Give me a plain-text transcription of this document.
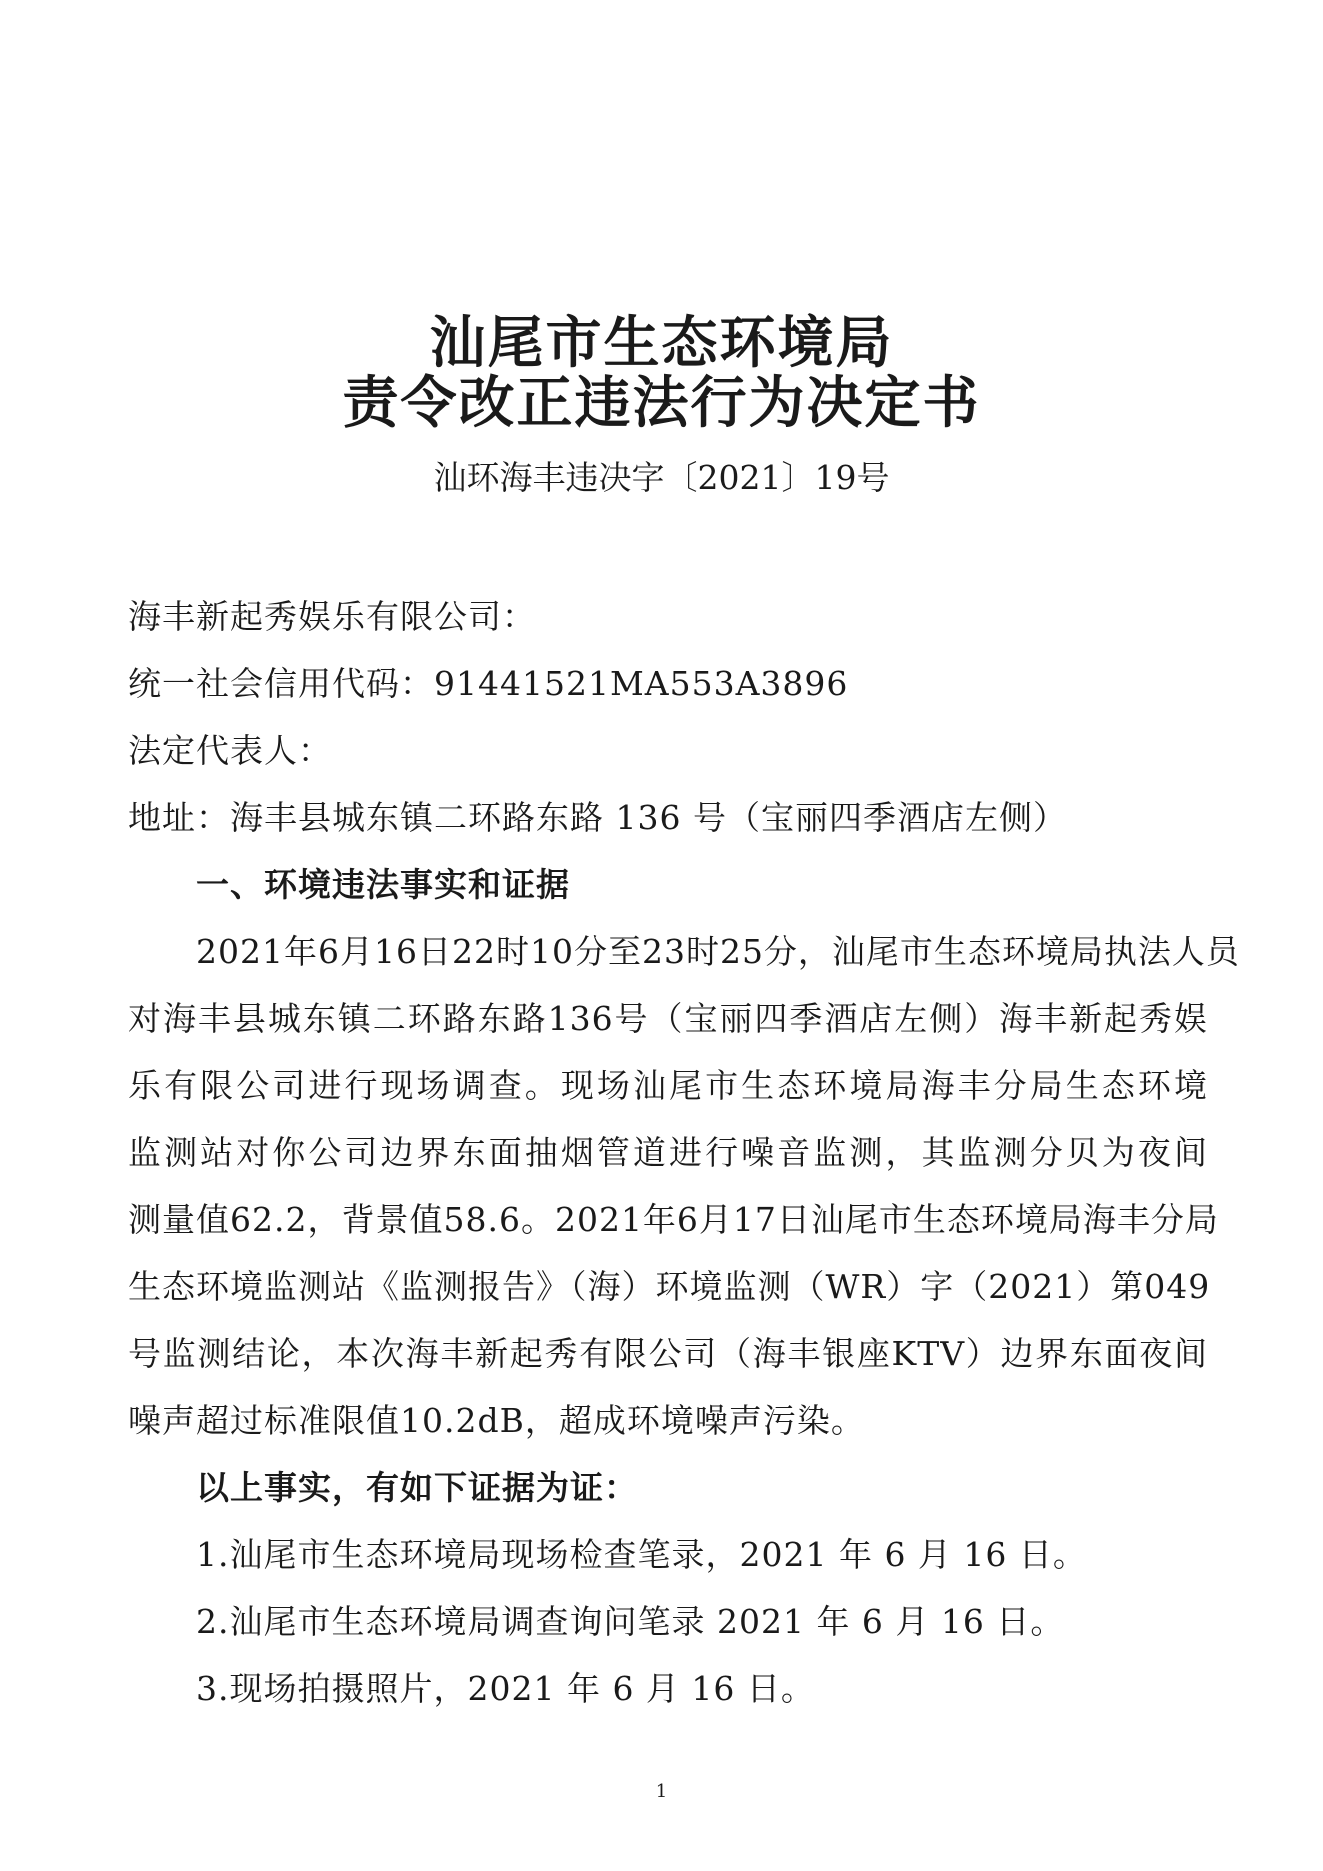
汕尾市生态环境局
责令改正违法行为决定书
汕环海丰违决字〔2021〕19号
海丰新起秀娱乐有限公司：
统一社会信用代码：91441521MA553A3896
法定代表人：
地址：海丰县城东镇二环路东路 136 号（宝丽四季酒店左侧）
一、环境违法事实和证据
2021年6月16日22时10分至23时25分，汕尾市生态环境局执法人员
对海丰县城东镇二环路东路136号（宝丽四季酒店左侧）海丰新起秀娱
乐有限公司进行现场调查。现场汕尾市生态环境局海丰分局生态环境
监测站对你公司边界东面抽烟管道进行噪音监测，其监测分贝为夜间
测量值62.2，背景值58.6。2021年6月17日汕尾市生态环境局海丰分局
生态环境监测站《监测报告》（海）环境监测（WR）字（2021）第049
号监测结论，本次海丰新起秀有限公司（海丰银座KTV）边界东面夜间
噪声超过标准限值10.2dB，超成环境噪声污染。
以上事实，有如下证据为证：
1.汕尾市生态环境局现场检查笔录，2021 年 6 月 16 日。
2.汕尾市生态环境局调查询问笔录 2021 年 6 月 16 日。
3.现场拍摄照片，2021 年 6 月 16 日。
1
